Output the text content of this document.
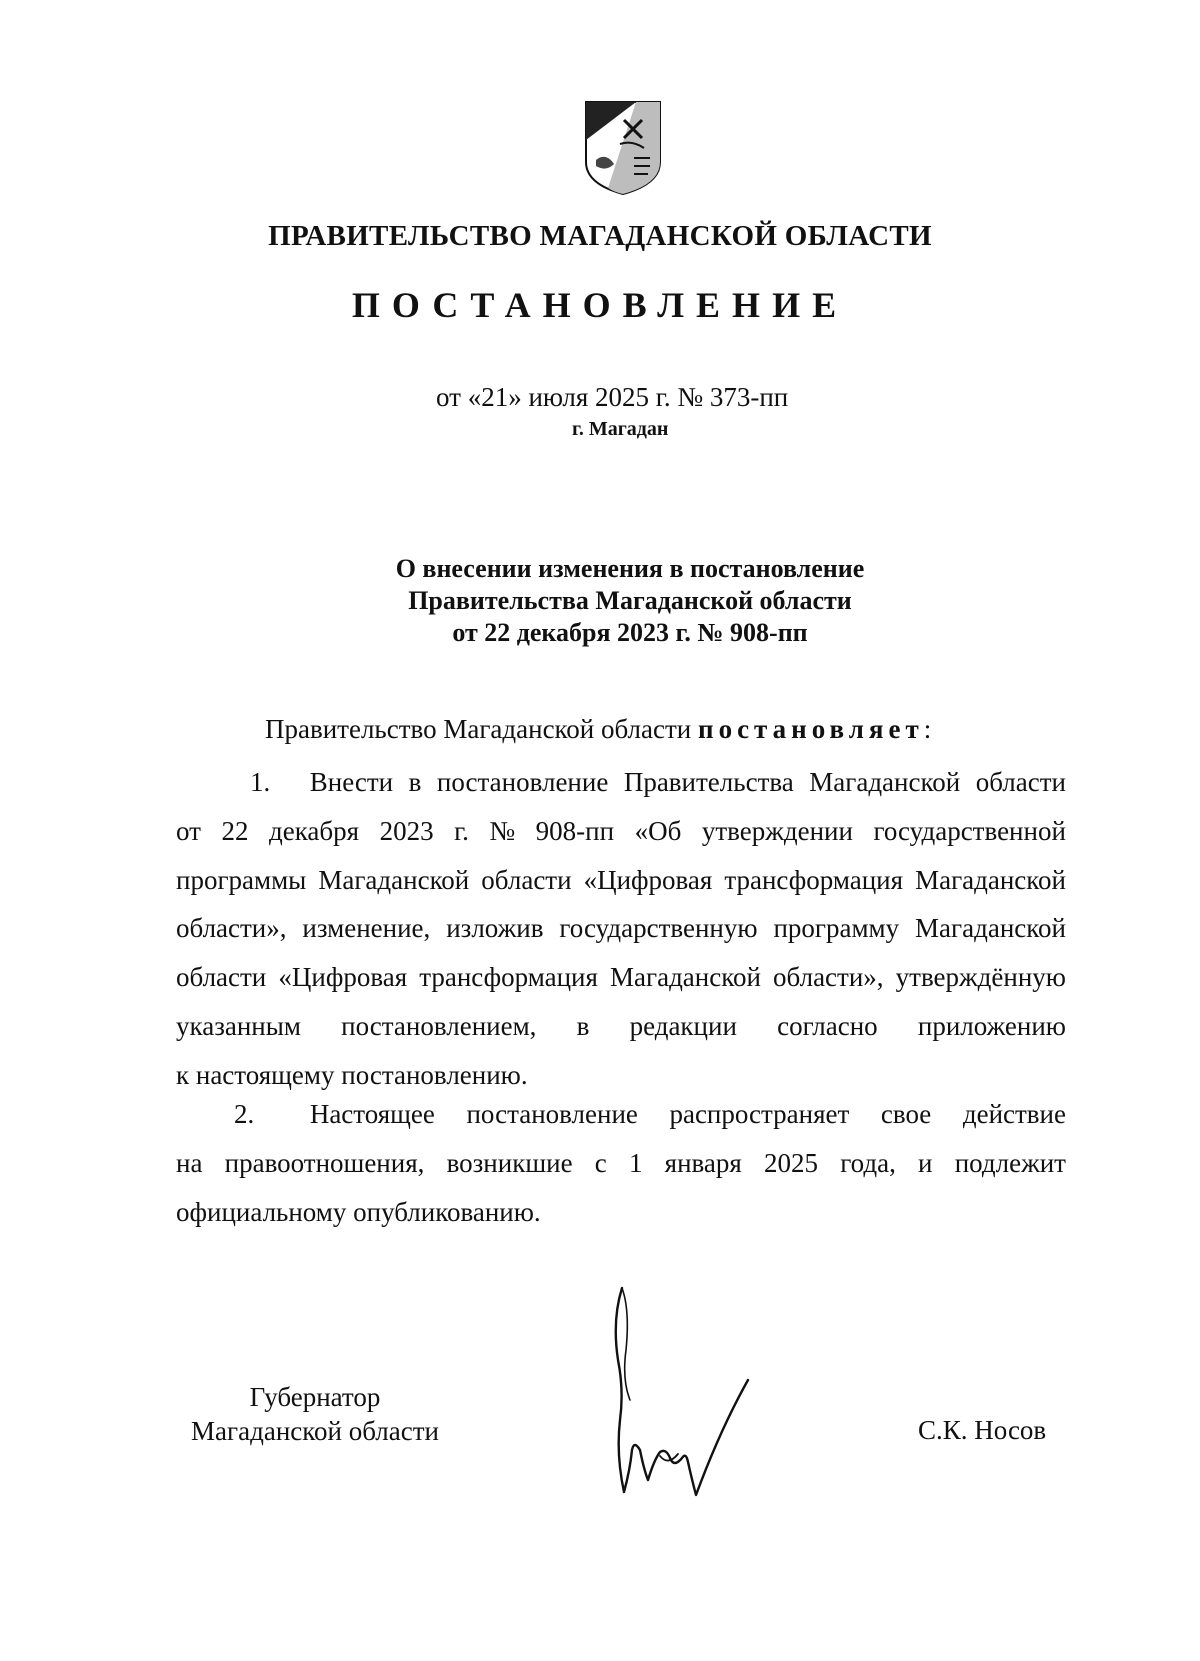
ПРАВИТЕЛЬСТВО МАГАДАНСКОЙ ОБЛАСТИ
ПОСТАНОВЛЕНИЕ
от «21» июля 2025 г. № 373-пп
г. Магадан
О внесении изменения в постановление
Правительства Магаданской области
от 22 декабря 2023 г. № 908-пп
Правительство Магаданской области постановляет:
1. Внести в постановление Правительства Магаданской области
от 22 декабря 2023 г. № 908-пп «Об утверждении государственной
программы Магаданской области «Цифровая трансформация Магаданской
области», изменение, изложив государственную программу Магаданской
области «Цифровая трансформация Магаданской области», утверждённую
указанным постановлением, в редакции согласно приложению
к настоящему постановлению.
2. Настоящее постановление распространяет свое действие
на правоотношения, возникшие с 1 января 2025 года, и подлежит
официальному опубликованию.
Губернатор
Магаданской области	С.К. Носов
